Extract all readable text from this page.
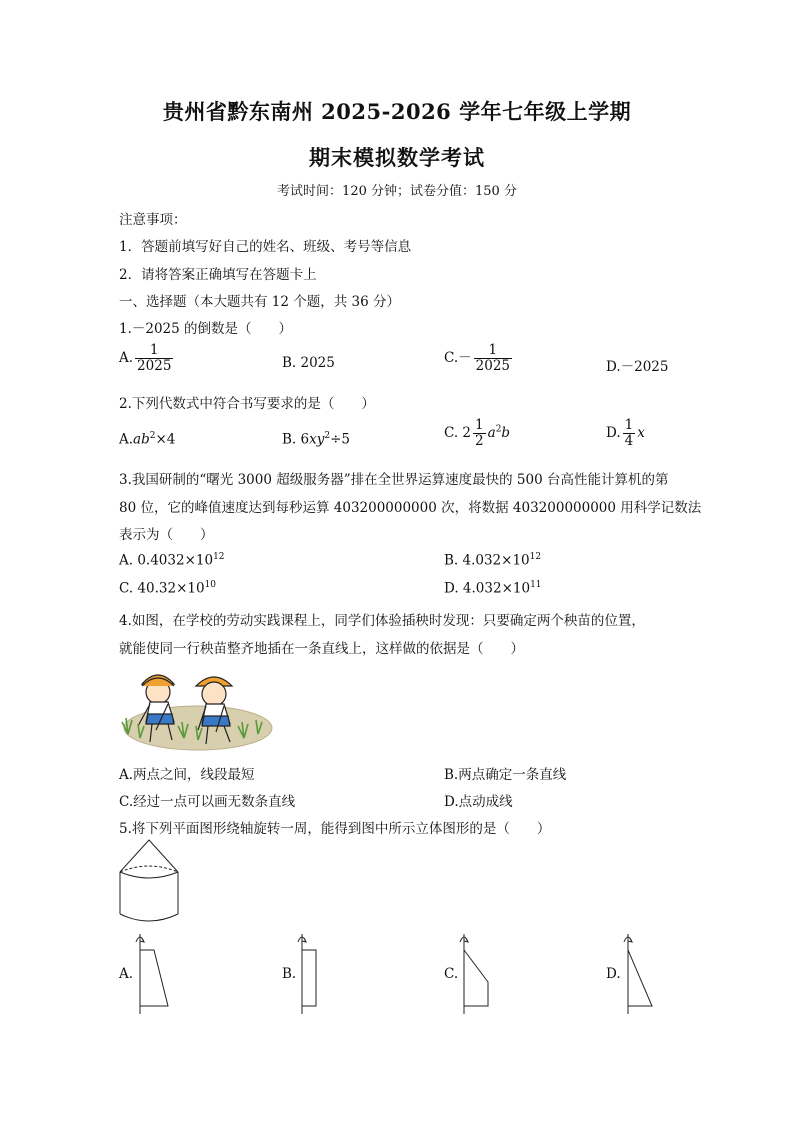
贵州省黔东南州 2025-2026 学年七年级上学期
期末模拟数学考试
考试时间：120 分钟；试卷分值：150 分
注意事项：
1．答题前填写好自己的姓名、班级、考号等信息
2．请将答案正确填写在答题卡上
一、选择题（本大题共有 12 个题，共 36 分）
1.－2025 的倒数是（　　）
A. $\frac{1}{2025}$	B. 2025	$C.- \frac{1}{2025}$	D.－2025
2.下列代数式中符合书写要求的是（　　）
$A.ab^2\times 4$	B. $6xy^2\div 5$	C. $2 \frac{1}{2} a^2b$	D. $\frac{1}{4}$ x
3.我国研制的“曙光 3000 超级服务器”排在全世界运算速度最快的 500 台高性能计算机的第
80 位，它的峰值速度达到每秒运算 403200000000 次，将数据 403200000000 用科学记数法
表示为（　　）
A. $0.4032\times 10^{12}$	B. $4.032\times 10^{12}$
C. $40.32\times 10^{10}$	D. $4.032\times 10^{11}$
4.如图，在学校的劳动实践课程上，同学们体验插秧时发现：只要确定两个秧苗的位置，
就能使同一行秧苗整齐地插在一条直线上，这样做的依据是（　　）
A.两点之间，线段最短	B.两点确定一条直线
C.经过一点可以画无数条直线	D.点动成线
5.将下列平面图形绕轴旋转一周，能得到图中所示立体图形的是（　　）
A.	B.	C.	D.
